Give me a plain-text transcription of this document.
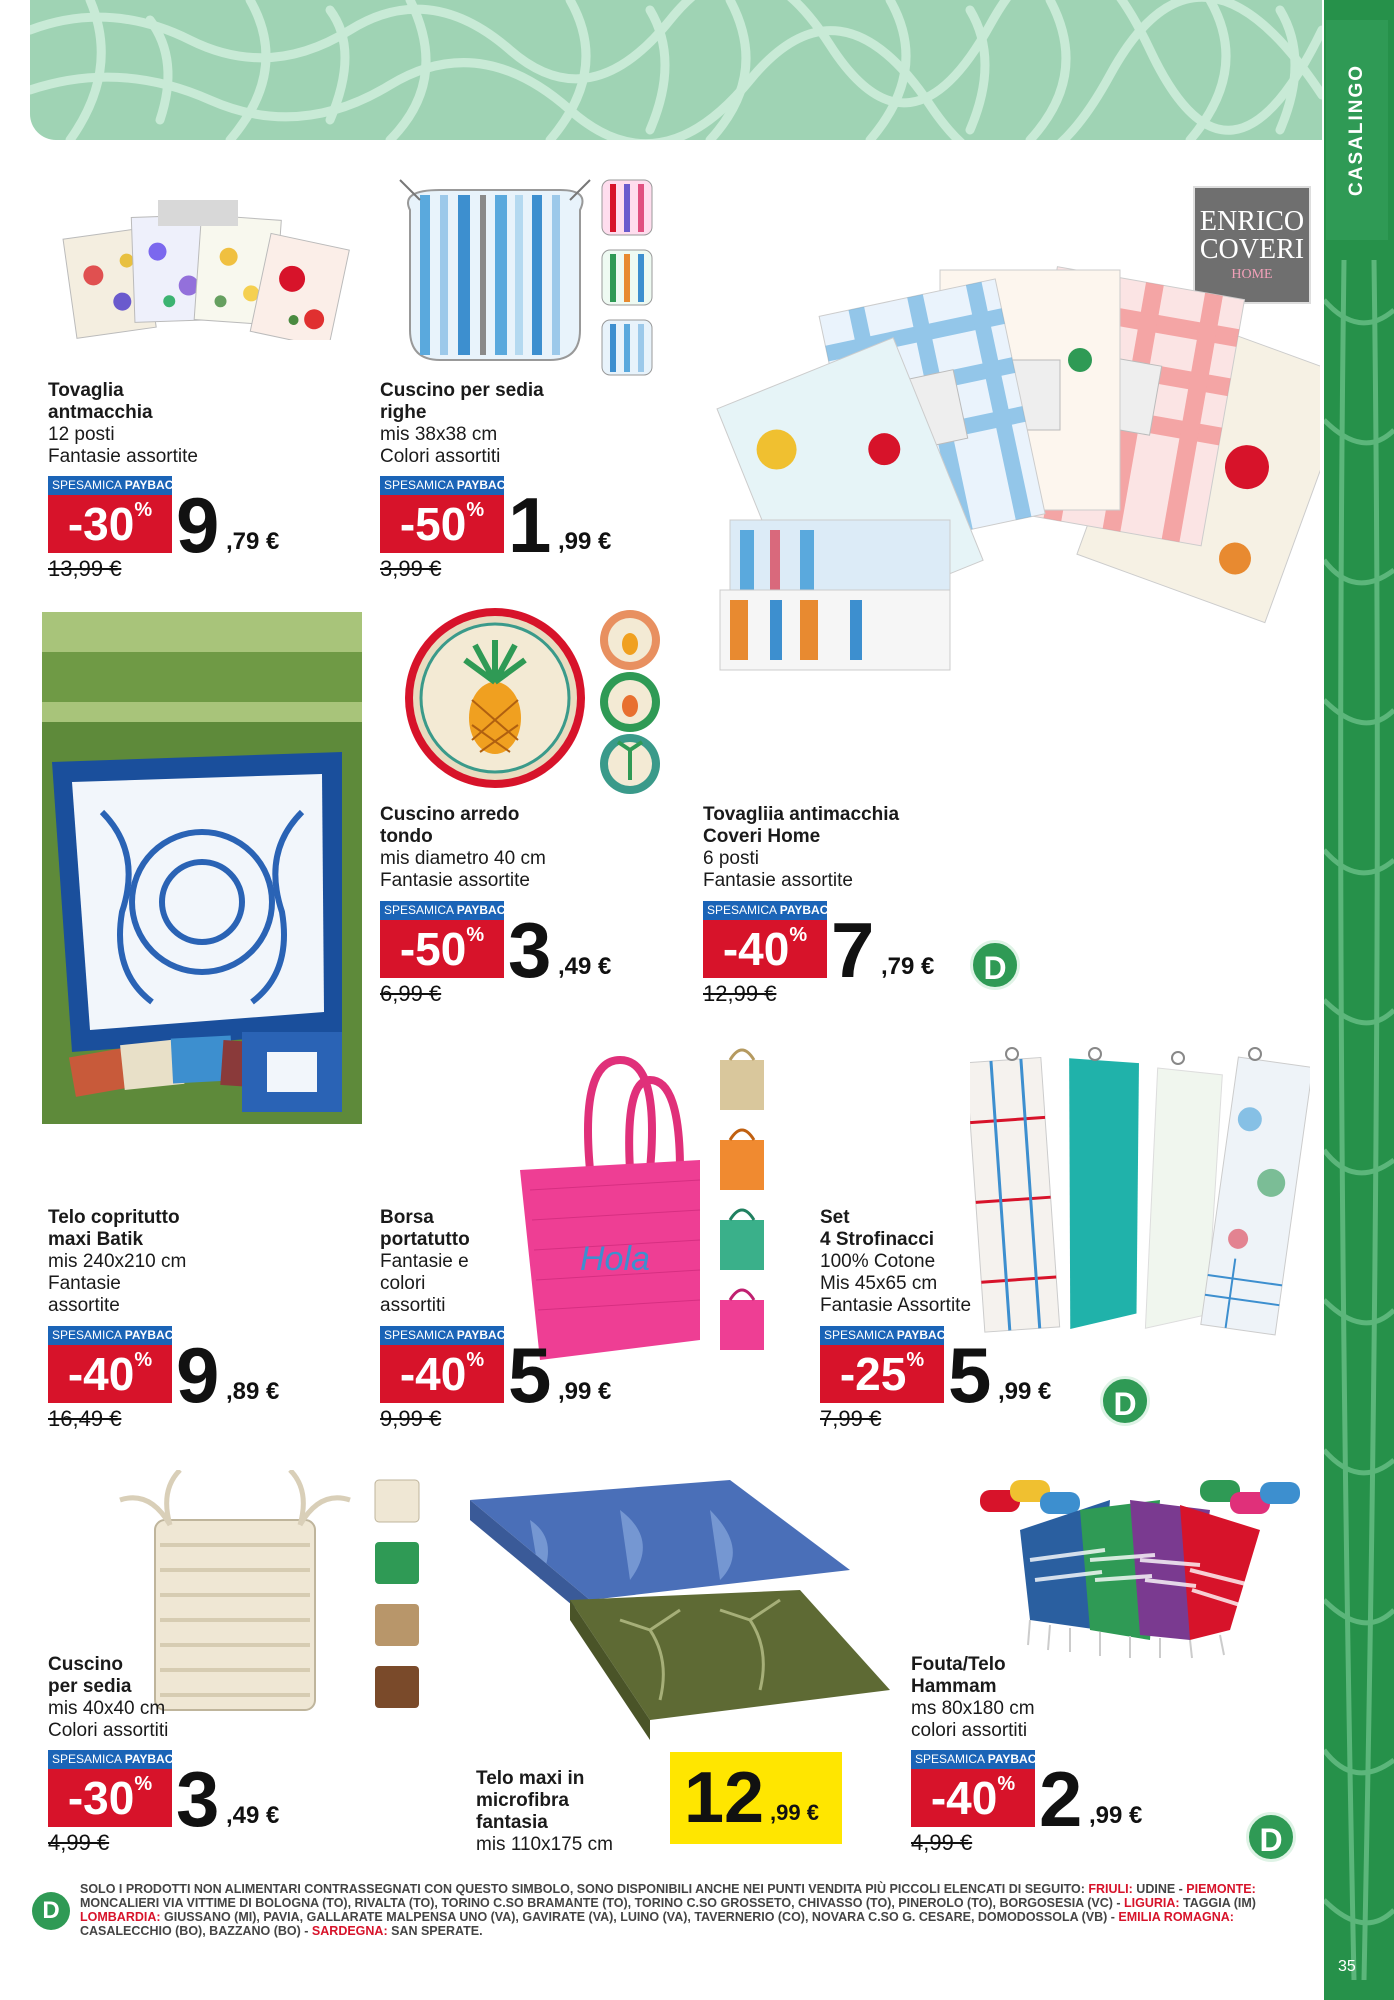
CASALINGO
Tovaglia
antmacchia
12 posti
Fantasie assortite
SPESAMICA PAYBACK
-30% 9 ,79 €
13,99 €
Cuscino per sedia
righe
mis 38x38 cm
Colori assortiti
SPESAMICA PAYBACK
-50% 1 ,99 €
3,99 €
ENRICO
COVERI
HOME
Tovagliia antimacchia
Coveri Home
6 posti
Fantasie assortite
SPESAMICA PAYBACK
-40% 7 ,79 €
12,99 €
D
Cuscino arredo
tondo
mis diametro 40 cm
Fantasie assortite
SPESAMICA PAYBACK
-50% 3 ,49 €
6,99 €
Telo copritutto
maxi Batik
mis 240x210 cm
Fantasie
assortite
SPESAMICA PAYBACK
-40% 9 ,89 €
16,49 €
Hola
Borsa
portatutto
Fantasie e
colori
assortiti
SPESAMICA PAYBACK
-40% 5 ,99 €
9,99 €
Set
4 Strofinacci
100% Cotone
Mis 45x65 cm
Fantasie Assortite
SPESAMICA PAYBACK
-25% 5 ,99 €
7,99 €	D
Cuscino
per sedia
mis 40x40 cm
Colori assortiti
SPESAMICA PAYBACK
-30% 3 ,49 €
4,99 €
Telo maxi in
microfibra
fantasia
mis 110x175 cm
12 ,99 €
Fouta/Telo
Hammam
ms 80x180 cm
colori assortiti
SPESAMICA PAYBACK
-40% 2 ,99 €
4,99 €	D
D
SOLO I PRODOTTI NON ALIMENTARI CONTRASSEGNATI CON QUESTO SIMBOLO, SONO DISPONIBILI ANCHE NEI PUNTI VENDITA PIÙ PICCOLI ELENCATI DI SEGUITO: FRIULI: UDINE - PIEMONTE: MONCALIERI VIA VITTIME DI BOLOGNA (TO), RIVALTA (TO), TORINO C.SO BRAMANTE (TO), TORINO C.SO GROSSETO, CHIVASSO (TO), PINEROLO (TO), BORGOSESIA (VC) - LIGURIA: TAGGIA (IM) LOMBARDIA: GIUSSANO (MI), PAVIA, GALLARATE MALPENSA UNO (VA), GAVIRATE (VA), LUINO (VA), TAVERNERIO (CO), NOVARA C.SO G. CESARE, DOMODOSSOLA (VB) - EMILIA ROMAGNA: CASALECCHIO (BO), BAZZANO (BO) - SARDEGNA: SAN SPERATE.
35
